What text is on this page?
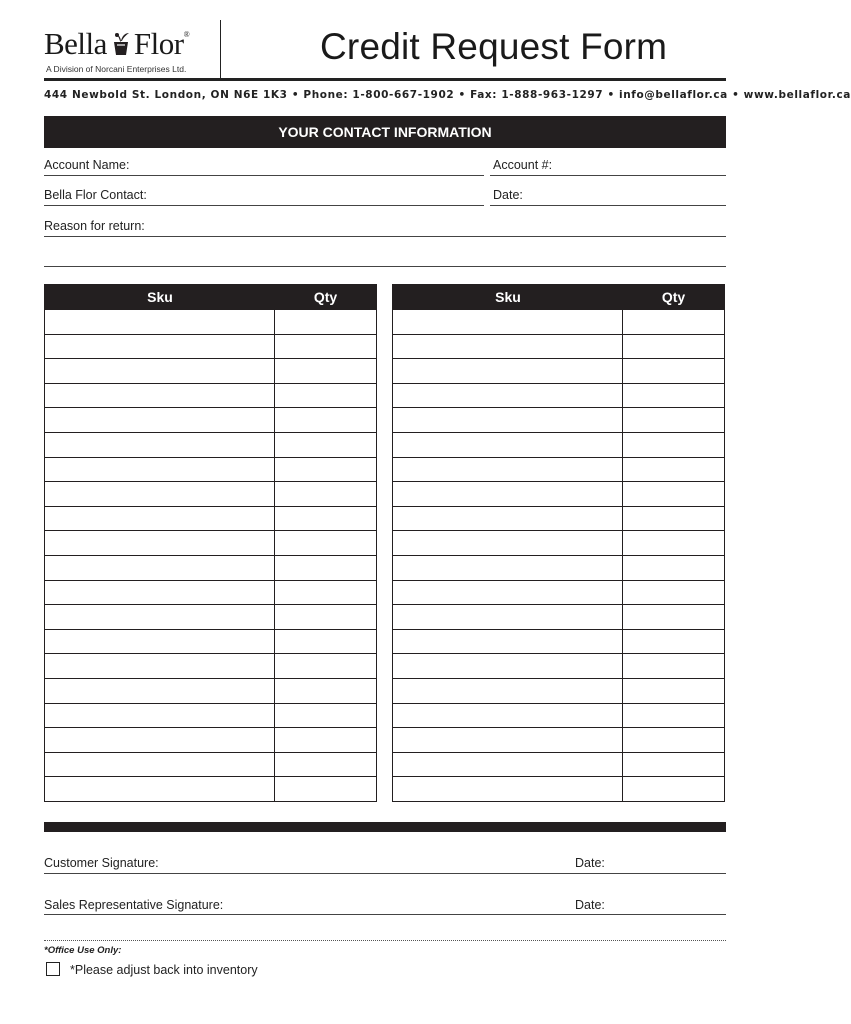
Bella Flor®
A Division of Norcani Enterprises Ltd.
Credit Request Form
444 Newbold St. London, ON N6E 1K3 • Phone: 1-800-667-1902 • Fax: 1-888-963-1297 • info@bellaflor.ca • www.bellaflor.ca
YOUR CONTACT INFORMATION
Account Name:	Account #:
Bella Flor Contact:	Date:
Reason for return:
Sku	Qty	Sku	Qty
Customer Signature:	Date:
Sales Representative Signature:	Date:
*Office Use Only:
*Please adjust back into inventory
